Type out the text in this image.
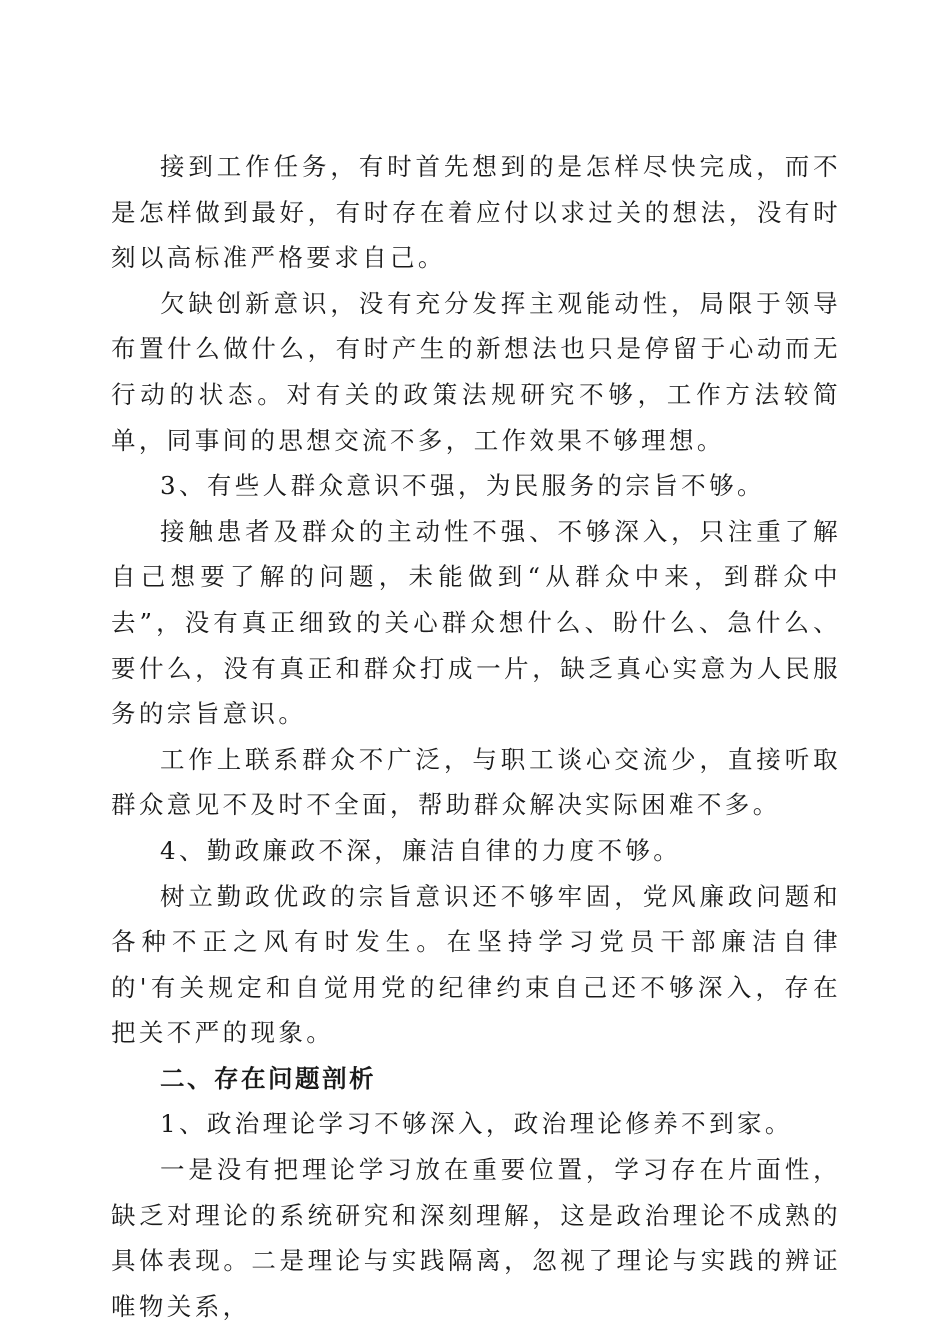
接到工作任务，有时首先想到的是怎样尽快完成，而不是怎样做到最好，有时存在着应付以求过关的想法，没有时刻以高标准严格要求自己。

欠缺创新意识，没有充分发挥主观能动性，局限于领导布置什么做什么，有时产生的新想法也只是停留于心动而无行动的状态。对有关的政策法规研究不够，工作方法较简单，同事间的思想交流不多，工作效果不够理想。

3、有些人群众意识不强，为民服务的宗旨不够。

接触患者及群众的主动性不强、不够深入，只注重了解自己想要了解的问题，未能做到“从群众中来，到群众中去”，没有真正细致的关心群众想什么、盼什么、急什么、要什么，没有真正和群众打成一片，缺乏真心实意为人民服务的宗旨意识。

工作上联系群众不广泛，与职工谈心交流少，直接听取群众意见不及时不全面，帮助群众解决实际困难不多。

4、勤政廉政不深，廉洁自律的力度不够。

树立勤政优政的宗旨意识还不够牢固，党风廉政问题和各种不正之风有时发生。在坚持学习党员干部廉洁自律的'有关规定和自觉用党的纪律约束自己还不够深入，存在把关不严的现象。

二、存在问题剖析

1、政治理论学习不够深入，政治理论修养不到家。

一是没有把理论学习放在重要位置，学习存在片面性，缺乏对理论的系统研究和深刻理解，这是政治理论不成熟的具体表现。二是理论与实践隔离，忽视了理论与实践的辨证唯物关系，
